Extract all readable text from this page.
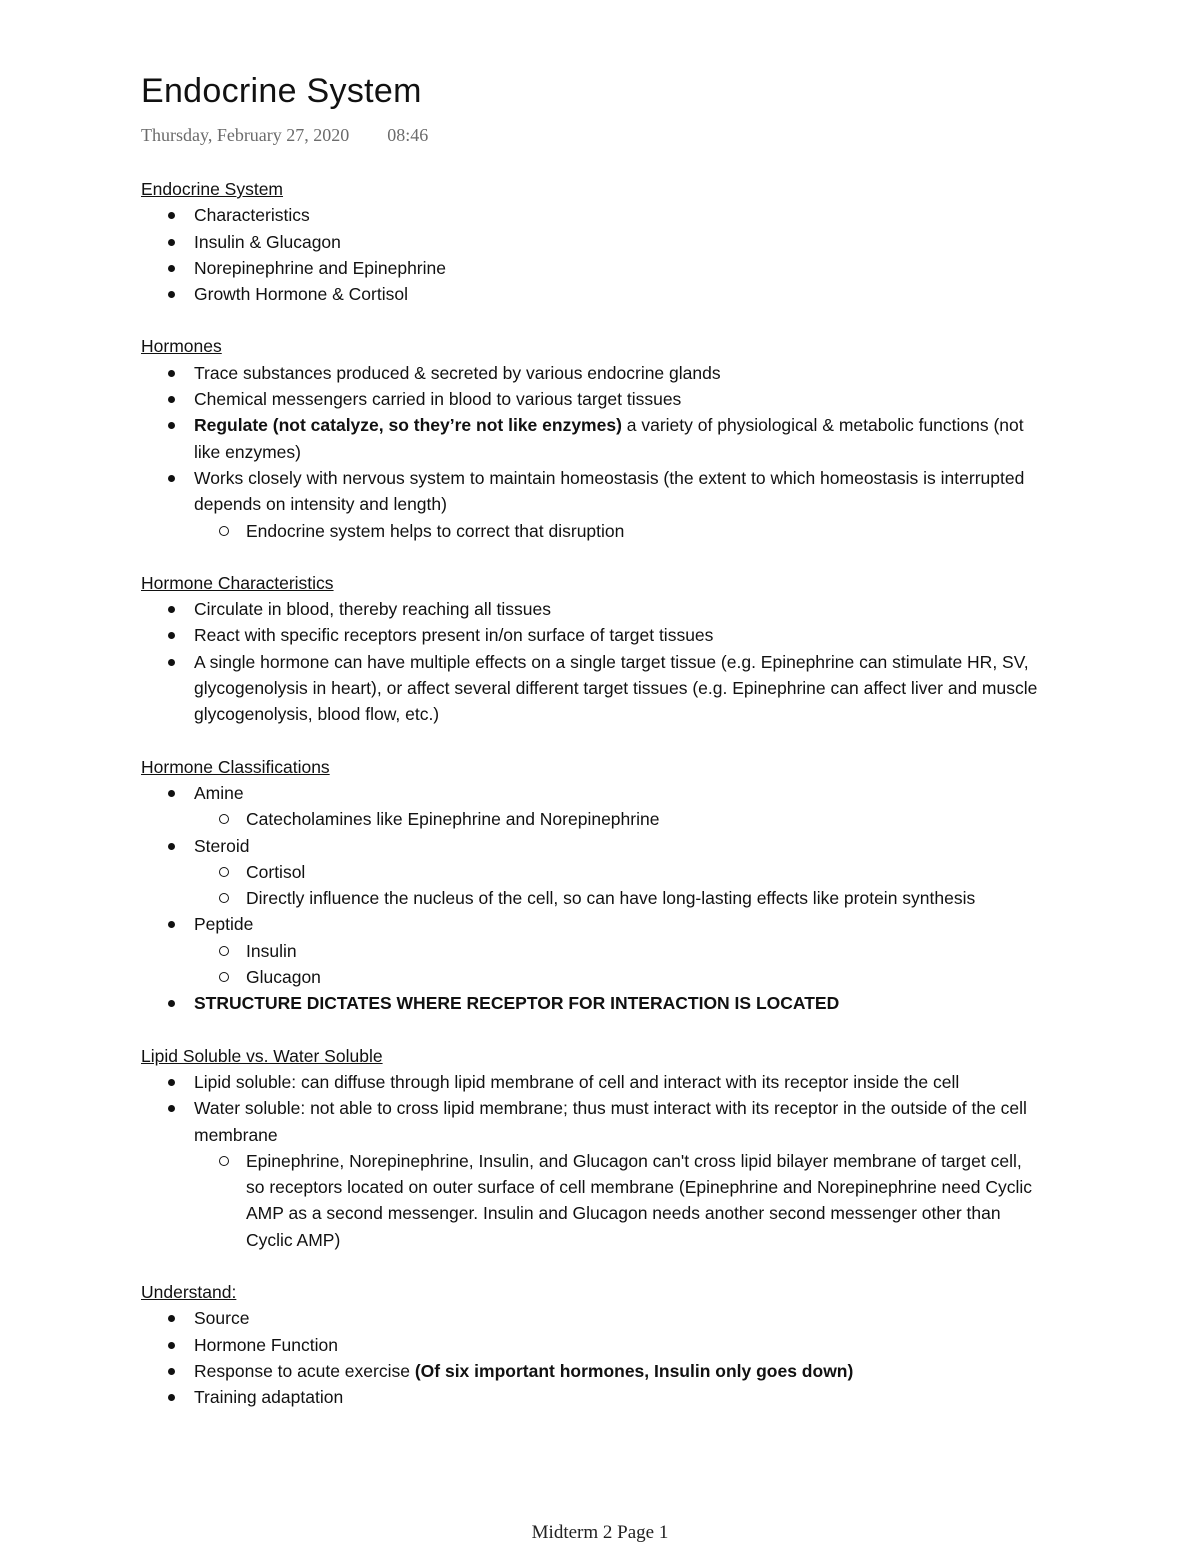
Endocrine System
Thursday, February 27, 2020 08:46

Endocrine System

Characteristics
Insulin & Glucagon
Norepinephrine and Epinephrine
Growth Hormone & Cortisol

Hormones

Trace substances produced & secreted by various endocrine glands
Chemical messengers carried in blood to various target tissues
Regulate (not catalyze, so they’re not like enzymes) a variety of physiological & metabolic functions (not like enzymes)
Works closely with nervous system to maintain homeostasis (the extent to which homeostasis is interrupted depends on intensity and length)
Endocrine system helps to correct that disruption

Hormone Characteristics

Circulate in blood, thereby reaching all tissues
React with specific receptors present in/on surface of target tissues
A single hormone can have multiple effects on a single target tissue (e.g. Epinephrine can stimulate HR, SV, glycogenolysis in heart), or affect several different target tissues (e.g. Epinephrine can affect liver and muscle glycogenolysis, blood flow, etc.)

Hormone Classifications

Amine
Catecholamines like Epinephrine and Norepinephrine
Steroid
Cortisol
Directly influence the nucleus of the cell, so can have long-lasting effects like protein synthesis
Peptide
Insulin
Glucagon
STRUCTURE DICTATES WHERE RECEPTOR FOR INTERACTION IS LOCATED

Lipid Soluble vs. Water Soluble

Lipid soluble: can diffuse through lipid membrane of cell and interact with its receptor inside the cell
Water soluble: not able to cross lipid membrane; thus must interact with its receptor in the outside of the cell membrane
Epinephrine, Norepinephrine, Insulin, and Glucagon can't cross lipid bilayer membrane of target cell, so receptors located on outer surface of cell membrane (Epinephrine and Norepinephrine need Cyclic AMP as a second messenger. Insulin and Glucagon needs another second messenger other than Cyclic AMP)

Understand:

Source
Hormone Function
Response to acute exercise (Of six important hormones, Insulin only goes down)
Training adaptation
Midterm 2 Page 1
